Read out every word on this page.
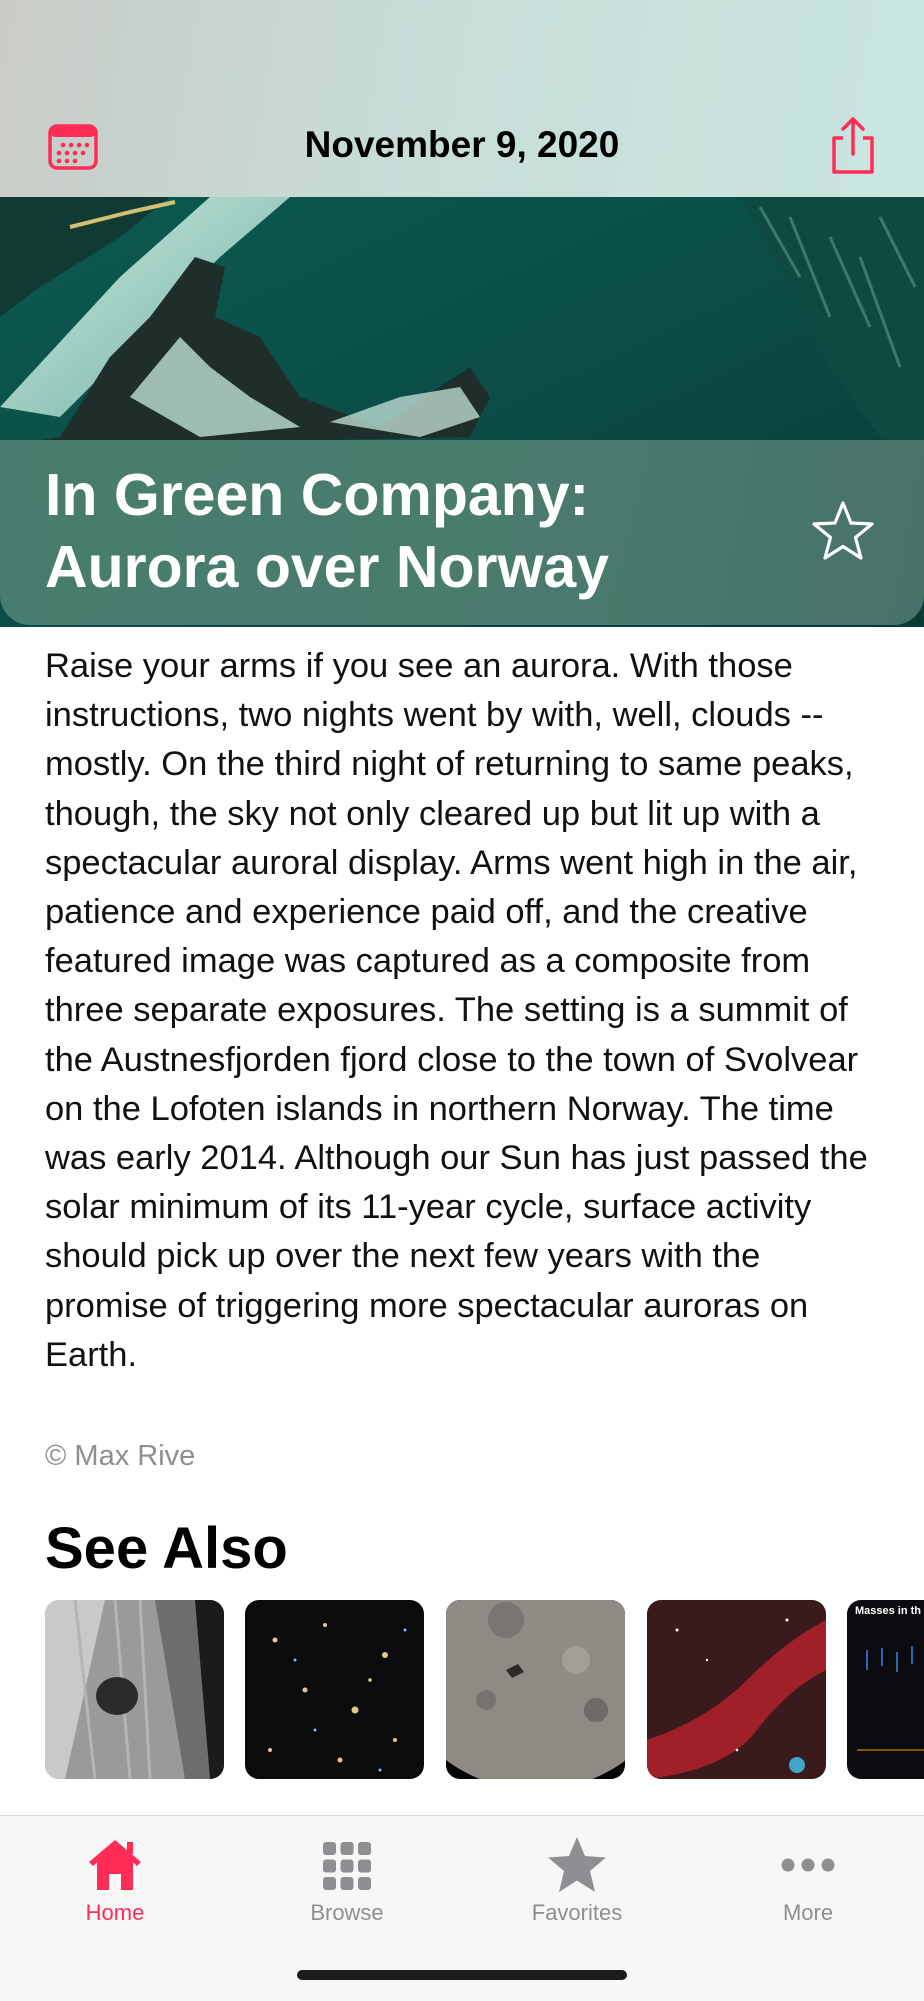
November 9, 2020
In Green Company:
Aurora over Norway

Raise your arms if you see an aurora. With those instructions, two nights went by with, well, clouds -- mostly. On the third night of returning to same peaks, though, the sky not only cleared up but lit up with a spectacular auroral display. Arms went high in the air, patience and experience paid off, and the creative featured image was captured as a composite from three separate exposures. The setting is a summit of the Austnesfjorden fjord close to the town of Svolvear on the Lofoten islands in northern Norway. The time was early 2014. Although our Sun has just passed the solar minimum of its 11-year cycle, surface activity should pick up over the next few years with the promise of triggering more spectacular auroras on Earth.

© Max Rive
See Also
Masses in th
Home	Browse	Favorites	More
